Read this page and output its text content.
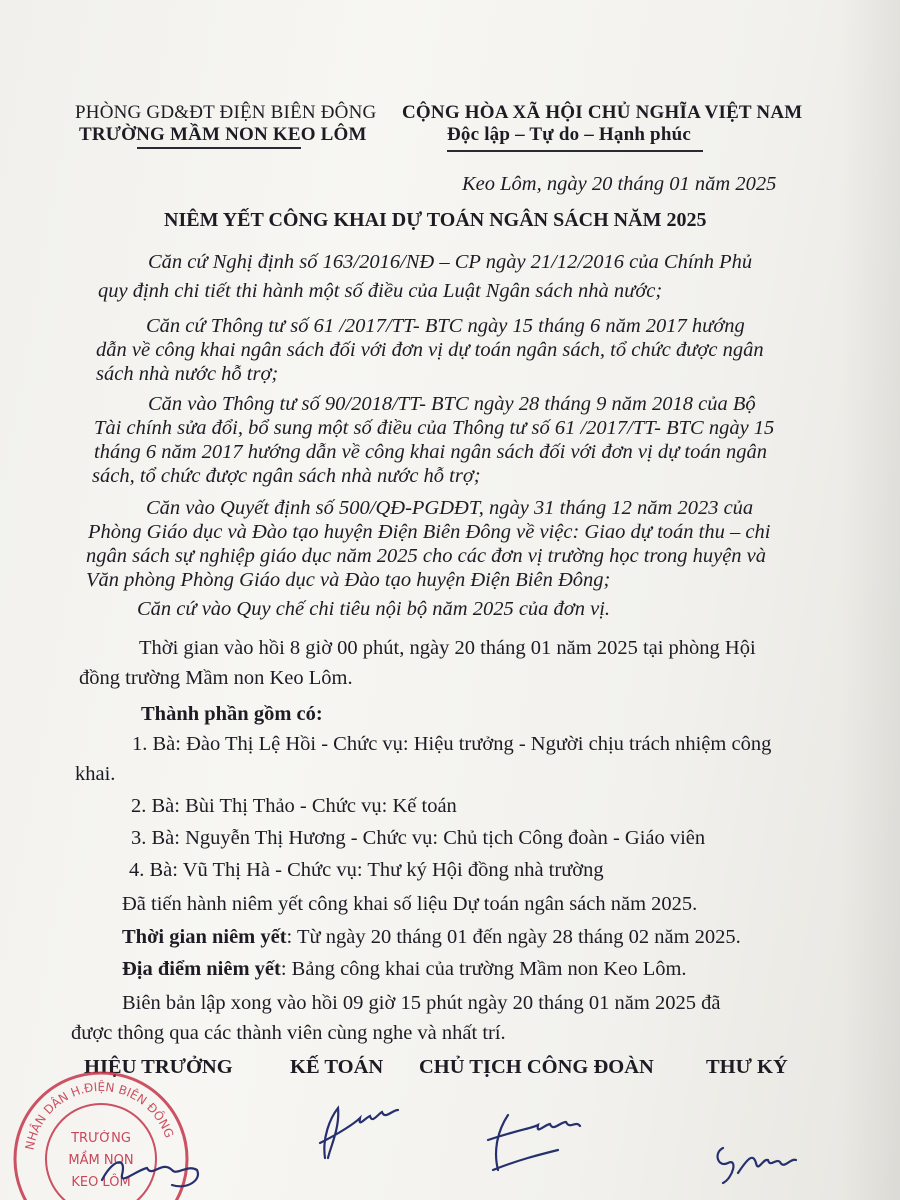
PHÒNG GD&ĐT ĐIỆN BIÊN ĐÔNG
TRƯỜNG MẦM NON KEO LÔM
CỘNG HÒA XÃ HỘI CHỦ NGHĨA VIỆT NAM
Độc lập – Tự do – Hạnh phúc
Keo Lôm, ngày 20 tháng 01 năm 2025
NIÊM YẾT CÔNG KHAI DỰ TOÁN NGÂN SÁCH NĂM 2025
Căn cứ Nghị định số 163/2016/NĐ – CP ngày 21/12/2016 của Chính Phủ
quy định chi tiết thi hành một số điều của Luật Ngân sách nhà nước;
Căn cứ Thông tư số 61 /2017/TT- BTC ngày 15 tháng 6 năm 2017 hướng
dẫn về công khai ngân sách đối với đơn vị dự toán ngân sách, tổ chức được ngân
sách nhà nước hỗ trợ;
Căn vào Thông tư số 90/2018/TT- BTC ngày 28 tháng 9 năm 2018 của Bộ
Tài chính sửa đổi, bổ sung một số điều của Thông tư số 61 /2017/TT- BTC ngày 15
tháng 6 năm 2017 hướng dẫn về công khai ngân sách đối với đơn vị dự toán ngân
sách, tổ chức được ngân sách nhà nước hỗ trợ;
Căn vào Quyết định số 500/QĐ-PGDĐT, ngày 31 tháng 12 năm 2023 của
Phòng Giáo dục và Đào tạo huyện Điện Biên Đông về việc: Giao dự toán thu – chi
ngân sách sự nghiệp giáo dục năm 2025 cho các đơn vị trường học trong huyện và
Văn phòng Phòng Giáo dục và Đào tạo huyện Điện Biên Đông;
Căn cứ vào Quy chế chi tiêu nội bộ năm 2025 của đơn vị.
Thời gian vào hồi 8 giờ 00 phút, ngày 20 tháng 01 năm 2025 tại phòng Hội
đồng trường Mầm non Keo Lôm.
Thành phần gồm có:
1. Bà: Đào Thị Lệ Hồi - Chức vụ: Hiệu trưởng - Người chịu trách nhiệm công
khai.
2. Bà: Bùi Thị Thảo - Chức vụ: Kế toán
3. Bà: Nguyễn Thị Hương - Chức vụ: Chủ tịch Công đoàn - Giáo viên
4. Bà: Vũ Thị Hà - Chức vụ: Thư ký Hội đồng nhà trường
Đã tiến hành niêm yết công khai số liệu Dự toán ngân sách năm 2025.
Thời gian niêm yết: Từ ngày 20 tháng 01 đến ngày 28 tháng 02 năm 2025.
Địa điểm niêm yết: Bảng công khai của trường Mầm non Keo Lôm.
Biên bản lập xong vào hồi 09 giờ 15 phút ngày 20 tháng 01 năm 2025 đã
được thông qua các thành viên cùng nghe và nhất trí.
HIỆU TRƯỞNG	KẾ TOÁN CHỦ TỊCH CÔNG ĐOÀN	THƯ KÝ
NHÂN DÂN H.ĐIỆN BIÊN ĐÔNG
TRƯỜNG
MẦM NON
KEO LÔM
